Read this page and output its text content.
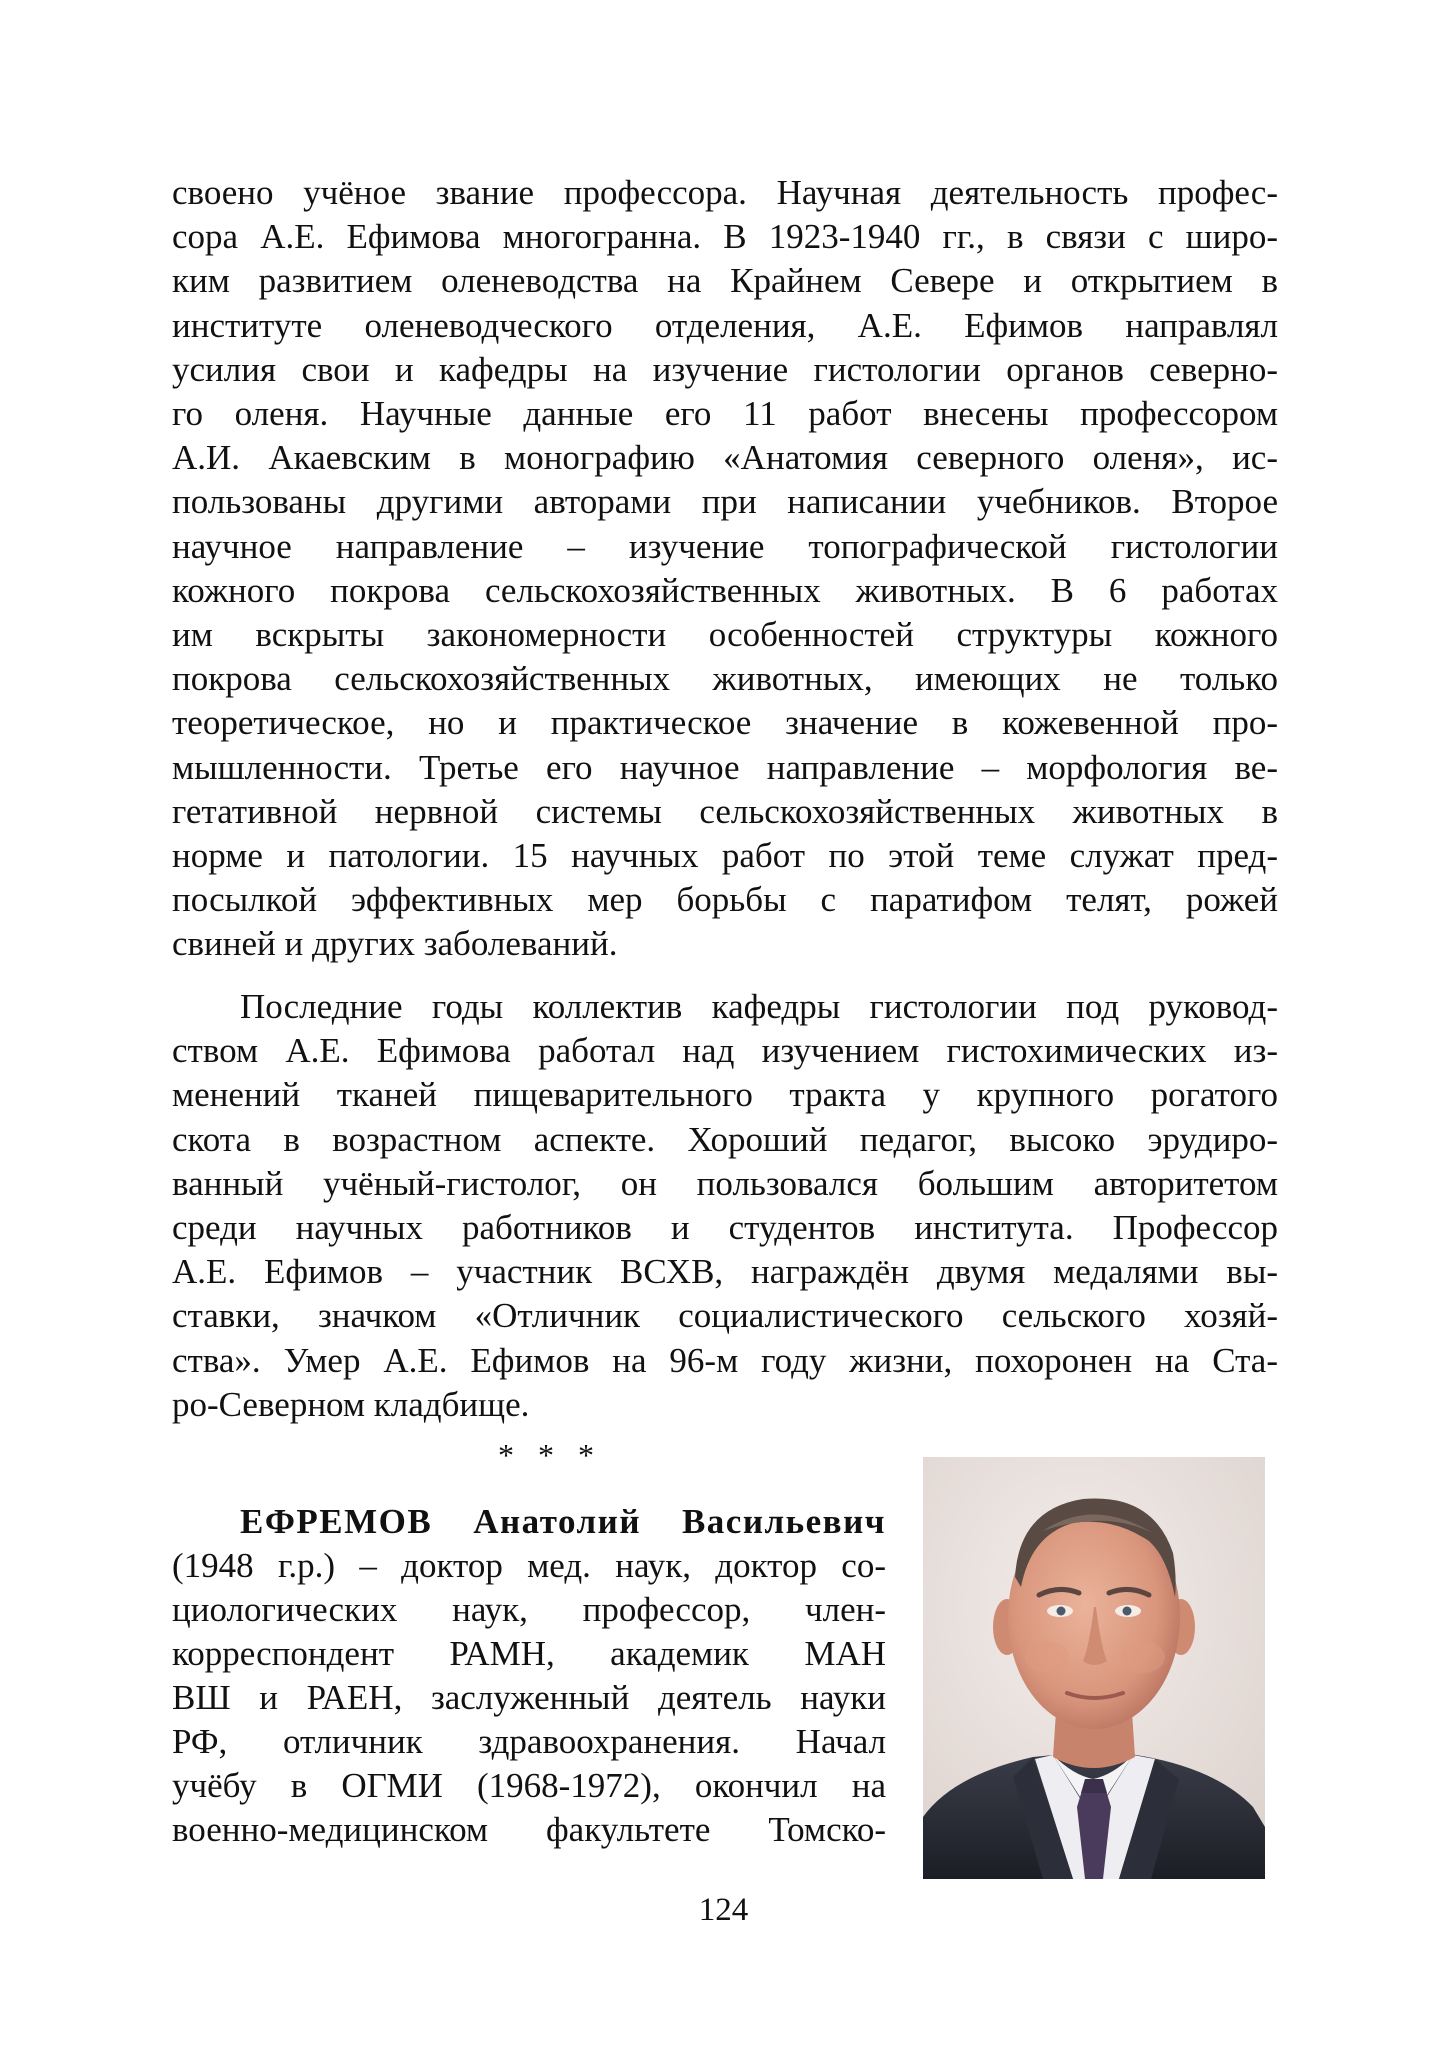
своено учёное звание профессора. Научная деятельность профес-
сора А.Е. Ефимова многогранна. В 1923-1940 гг., в связи с широ-
ким развитием оленеводства на Крайнем Севере и открытием в
институте оленеводческого отделения, А.Е. Ефимов направлял
усилия свои и кафедры на изучение гистологии органов северно-
го оленя. Научные данные его 11 работ внесены профессором
А.И. Акаевским в монографию «Анатомия северного оленя», ис-
пользованы другими авторами при написании учебников. Второе
научное направление – изучение топографической гистологии
кожного покрова сельскохозяйственных животных. В 6 работах
им вскрыты закономерности особенностей структуры кожного
покрова сельскохозяйственных животных, имеющих не только
теоретическое, но и практическое значение в кожевенной про-
мышленности. Третье его научное направление – морфология ве-
гетативной нервной системы сельскохозяйственных животных в
норме и патологии. 15 научных работ по этой теме служат пред-
посылкой эффективных мер борьбы с паратифом телят, рожей
свиней и других заболеваний.
Последние годы коллектив кафедры гистологии под руковод-
ством А.Е. Ефимова работал над изучением гистохимических из-
менений тканей пищеварительного тракта у крупного рогатого
скота в возрастном аспекте. Хороший педагог, высоко эрудиро-
ванный учёный-гистолог, он пользовался большим авторитетом
среди научных работников и студентов института. Профессор
А.Е. Ефимов – участник ВСХВ, награждён двумя медалями вы-
ставки, значком «Отличник социалистического сельского хозяй-
ства». Умер А.Е. Ефимов на 96-м году жизни, похоронен на Ста-
ро-Северном кладбище.
* * *
ЕФРЕМОВ Анатолий Васильевич
(1948 г.р.) – доктор мед. наук, доктор со-
циологических наук, профессор, член-
корреспондент РАМН, академик МАН
ВШ и РАЕН, заслуженный деятель науки
РФ, отличник здравоохранения. Начал
учёбу в ОГМИ (1968-1972), окончил на
военно-медицинском факультете Томско-
124
